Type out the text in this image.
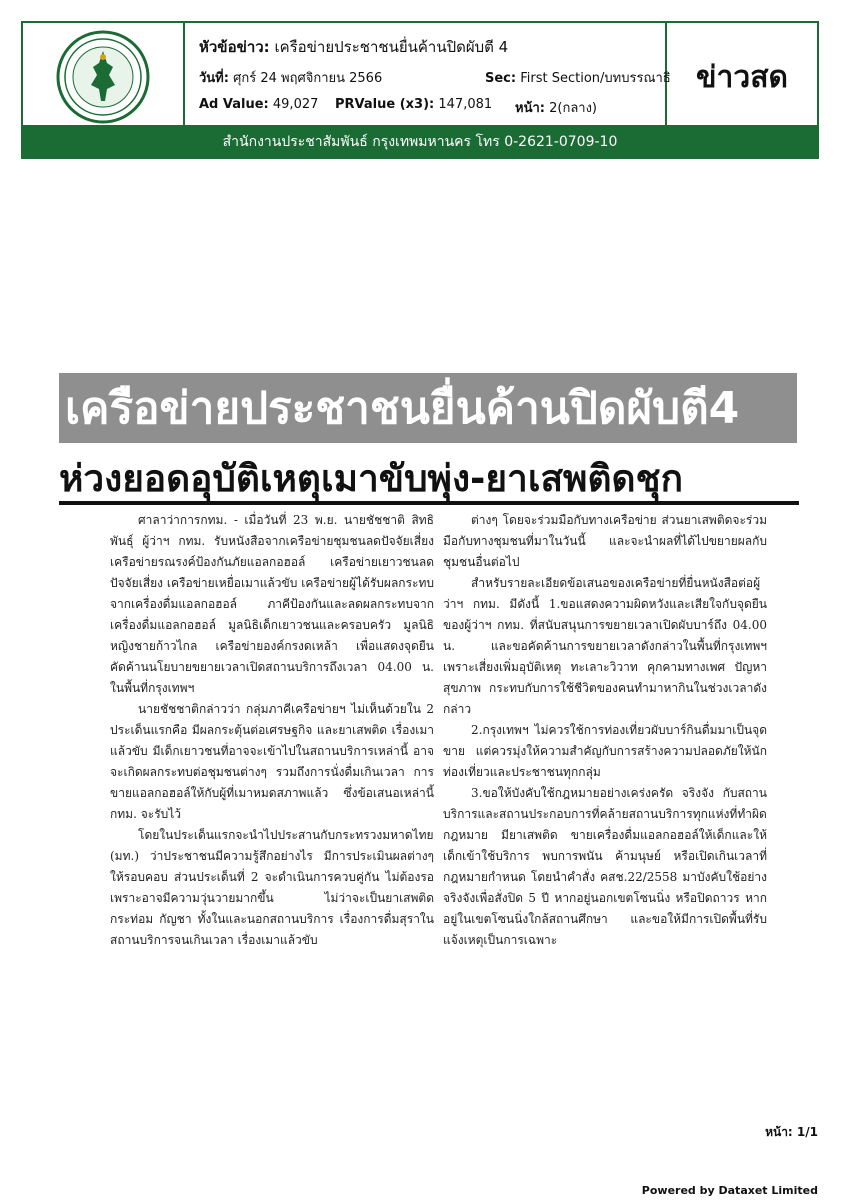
หัวข้อข่าว: เครือข่ายประชาชนยื่นค้านปิดผับตี 4
วันที่: ศุกร์ 24 พฤศจิกายน 2566	Sec: First Section/บทบรรณาธิ
Ad Value: 49,027 PRValue (x3): 147,081 หน้า: 2(กลาง)
ข่าวสด
สำนักงานประชาสัมพันธ์ กรุงเทพมหานคร โทร 0-2621-0709-10
เครือข่ายประชาชนยื่นค้านปิดผับตี4
ห่วงยอดอุบัติเหตุเมาขับพุ่ง-ยาเสพติดชุก

ศาลาว่าการกทม. - เมื่อวันที่ 23 พ.ย. นายชัชชาติ สิทธิพันธุ์ ผู้ว่าฯ กทม. รับหนังสือจากเครือข่ายชุมชนลดปัจจัยเสี่ยง เครือข่ายรณรงค์ป้องกันภัยแอลกอฮอล์ เครือข่ายเยาวชนลดปัจจัยเสี่ยง เครือข่ายเหยื่อเมาแล้วขับ เครือข่ายผู้ได้รับผลกระทบจากเครื่องดื่มแอลกอฮอล์ ภาคีป้องกันและลดผลกระทบจากเครื่องดื่มแอลกอฮอล์ มูลนิธิเด็กเยาวชนและครอบครัว มูลนิธิหญิงชายก้าวไกล เครือข่ายองค์กรงดเหล้า เพื่อแสดงจุดยืนคัดค้านนโยบายขยายเวลาเปิดสถานบริการถึงเวลา 04.00 น. ในพื้นที่กรุงเทพฯ

นายชัชชาติกล่าวว่า กลุ่มภาคีเครือข่ายฯ ไม่เห็นด้วยใน 2 ประเด็นแรกคือ มีผลกระตุ้นต่อเศรษฐกิจ และยาเสพติด เรื่องเมาแล้วขับ มีเด็กเยาวชนที่อาจจะเข้าไปในสถานบริการเหล่านี้ อาจจะเกิดผลกระทบต่อชุมชนต่างๆ รวมถึงการนั่งดื่มเกินเวลา การขายแอลกอฮอล์ให้กับผู้ที่เมาหมดสภาพแล้ว ซึ่งข้อเสนอเหล่านี้ กทม. จะรับไว้

โดยในประเด็นแรกจะนำไปประสานกับกระทรวงมหาดไทย (มท.) ว่าประชาชนมีความรู้สึกอย่างไร มีการประเมินผลต่างๆ ให้รอบคอบ ส่วนประเด็นที่ 2 จะดำเนินการควบคู่กัน ไม่ต้องรอ เพราะอาจมีความวุ่นวายมากขึ้น ไม่ว่าจะเป็นยาเสพติด กระท่อม กัญชา ทั้งในและนอกสถานบริการ เรื่องการดื่มสุราในสถานบริการจนเกินเวลา เรื่องเมาแล้วขับ

ต่างๆ โดยจะร่วมมือกับทางเครือข่าย ส่วนยาเสพติดจะร่วมมือกับทางชุมชนที่มาในวันนี้ และจะนำผลที่ได้ไปขยายผลกับชุมชนอื่นต่อไป

สำหรับรายละเอียดข้อเสนอของเครือข่ายที่ยื่นหนังสือต่อผู้ว่าฯ กทม. มีดังนี้ 1.ขอแสดงความผิดหวังและเสียใจกับจุดยืนของผู้ว่าฯ กทม. ที่สนับสนุนการขยายเวลาเปิดผับบาร์ถึง 04.00 น. และขอคัดค้านการขยายเวลาดังกล่าวในพื้นที่กรุงเทพฯ เพราะเสี่ยงเพิ่มอุบัติเหตุ ทะเลาะวิวาท คุกคามทางเพศ ปัญหาสุขภาพ กระทบกับการใช้ชีวิตของคนทำมาหากินในช่วงเวลาดังกล่าว

2.กรุงเทพฯ ไม่ควรใช้การท่องเที่ยวผับบาร์กินดื่มมาเป็นจุดขาย แต่ควรมุ่งให้ความสำคัญกับการสร้างความปลอดภัยให้นักท่องเที่ยวและประชาชนทุกกลุ่ม

3.ขอให้บังคับใช้กฎหมายอย่างเคร่งครัด จริงจัง กับสถานบริการและสถานประกอบการที่คล้ายสถานบริการทุกแห่งที่ทำผิดกฎหมาย มียาเสพติด ขายเครื่องดื่มแอลกอฮอล์ให้เด็กและให้เด็กเข้าใช้บริการ พบการพนัน ค้ามนุษย์ หรือเปิดเกินเวลาที่กฎหมายกำหนด โดยนำคำสั่ง คสช.22/2558 มาบังคับใช้อย่างจริงจังเพื่อสั่งปิด 5 ปี หากอยู่นอกเขตโซนนิ่ง หรือปิดถาวร หากอยู่ในเขตโซนนิ่งใกล้สถานศึกษา และขอให้มีการเปิดพื้นที่รับแจ้งเหตุเป็นการเฉพาะ

หน้า: 1/1
Powered by Dataxet Limited
